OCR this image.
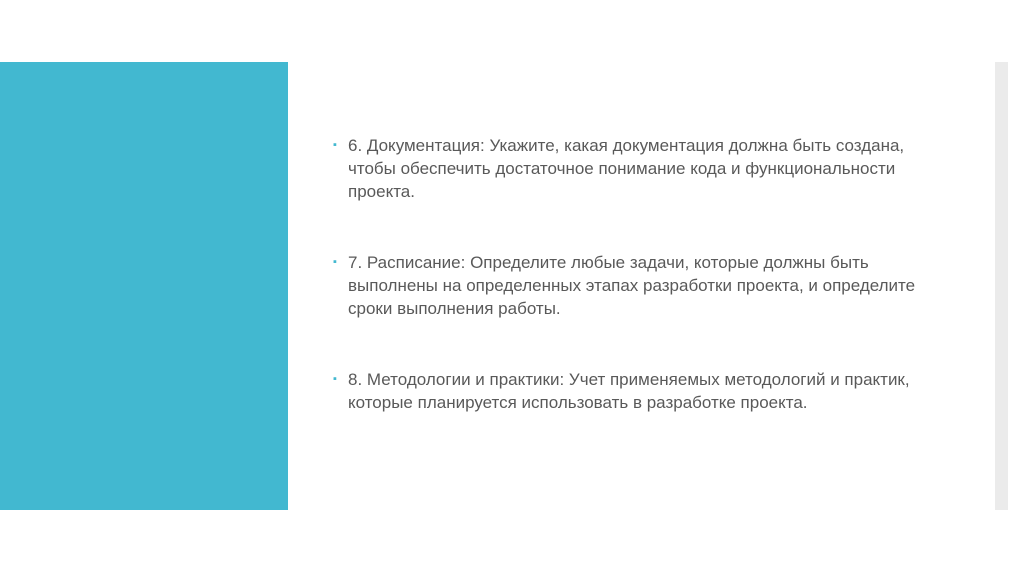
▪ 6. Документация: Укажите, какая документация должна быть созданa, чтобы обеспечить достаточное понимание кода и функциональности проекта.
▪ 7. Расписание: Определите любые задачи, которые должны быть выполнены на определенных этапах разработки проекта, и определите сроки выполнения работы.
▪ 8. Методологии и практики: Учет применяемых методологий и практик, которые планируется использовать в разработке проекта.
